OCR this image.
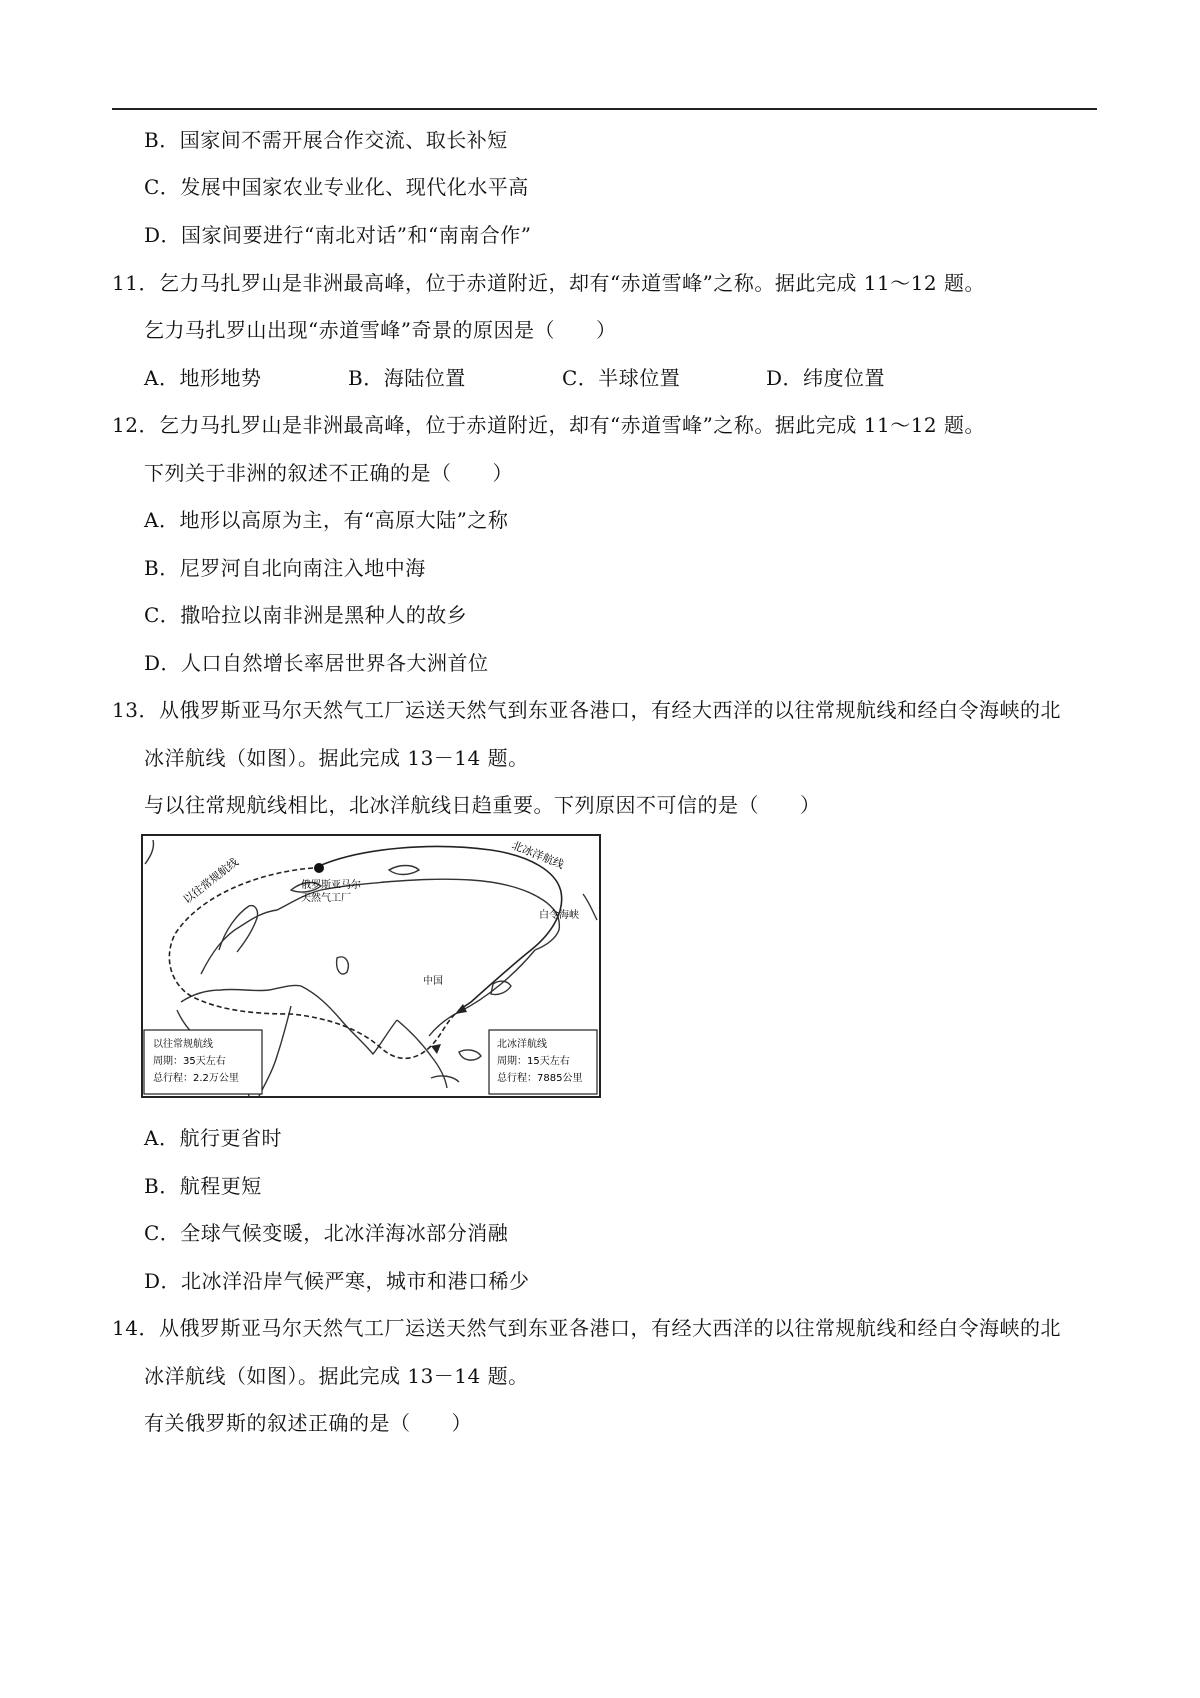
B．国家间不需开展合作交流、取长补短
C．发展中国家农业专业化、现代化水平高
D．国家间要进行“南北对话”和“南南合作”
11．乞力马扎罗山是非洲最高峰，位于赤道附近，却有“赤道雪峰”之称。据此完成 11～12 题。
乞力马扎罗山出现“赤道雪峰”奇景的原因是（　　）
A．地形地势	B．海陆位置	C．半球位置	D．纬度位置
12．乞力马扎罗山是非洲最高峰，位于赤道附近，却有“赤道雪峰”之称。据此完成 11～12 题。
下列关于非洲的叙述不正确的是（　　）
A．地形以高原为主，有“高原大陆”之称
B．尼罗河自北向南注入地中海
C．撒哈拉以南非洲是黑种人的故乡
D．人口自然增长率居世界各大洲首位
13．从俄罗斯亚马尔天然气工厂运送天然气到东亚各港口，有经大西洋的以往常规航线和经白令海峡的北
冰洋航线（如图）。据此完成 13－14 题。
与以往常规航线相比，北冰洋航线日趋重要。下列原因不可信的是（　　）
以往常规航线
北冰洋航线
俄罗斯亚马尔
天然气工厂
白令海峡
中国
以往常规航线
周期：35天左右
总行程：2.2万公里
北冰洋航线
周期：15天左右
总行程：7885公里
A．航行更省时
B．航程更短
C．全球气候变暖，北冰洋海冰部分消融
D．北冰洋沿岸气候严寒，城市和港口稀少
14．从俄罗斯亚马尔天然气工厂运送天然气到东亚各港口，有经大西洋的以往常规航线和经白令海峡的北
冰洋航线（如图）。据此完成 13－14 题。
有关俄罗斯的叙述正确的是（　　）
